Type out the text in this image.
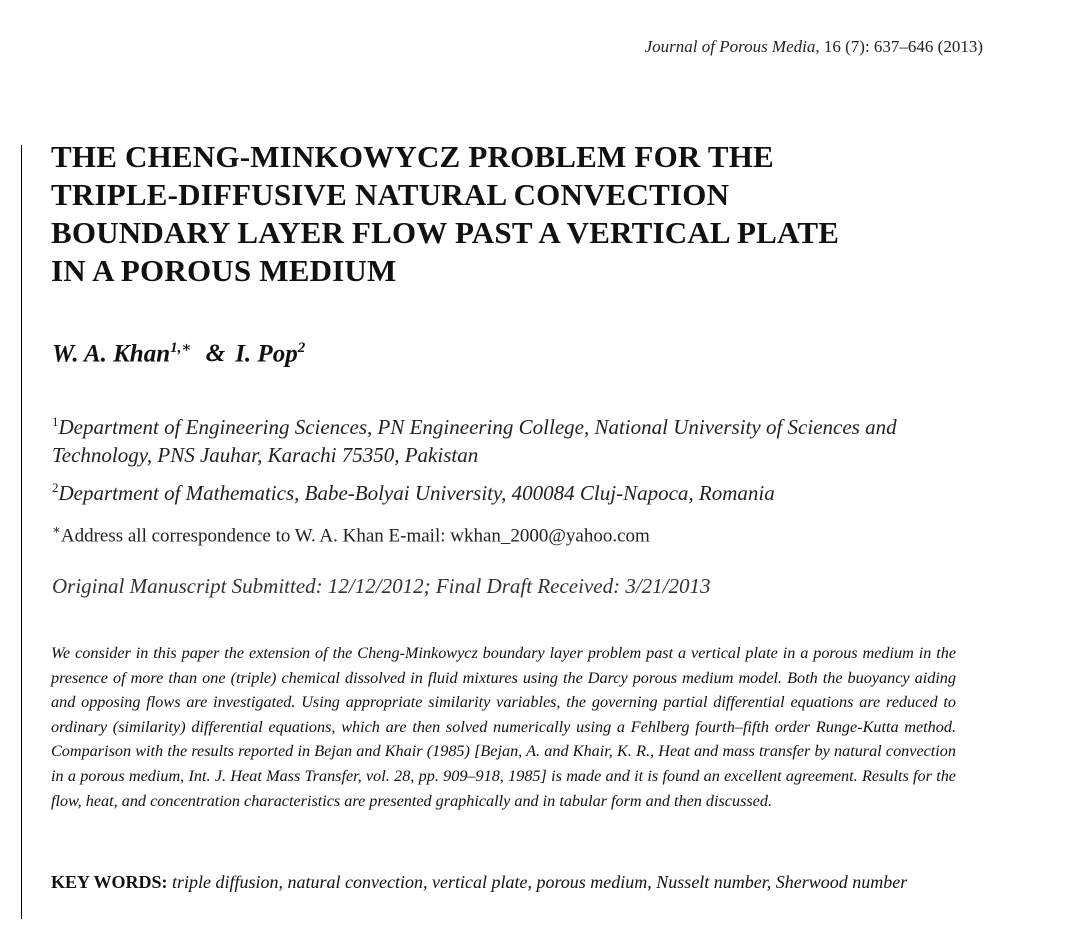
Journal of Porous Media, 16 (7): 637–646 (2013)
THE CHENG-MINKOWYCZ PROBLEM FOR THE
TRIPLE-DIFFUSIVE NATURAL CONVECTION
BOUNDARY LAYER FLOW PAST A VERTICAL PLATE
IN A POROUS MEDIUM
W. A. Khan$^{1,∗}$ & I. Pop$^2$
$^1$Department of Engineering Sciences, PN Engineering College, National University of Sciences and Technology, PNS Jauhar, Karachi 75350, Pakistan
$^2$Department of Mathematics, Babe-Bolyai University, 400084 Cluj-Napoca, Romania
∗Address all correspondence to W. A. Khan E-mail: wkhan_2000@yahoo.com
Original Manuscript Submitted: 12/12/2012; Final Draft Received: 3/21/2013

We consider in this paper the extension of the Cheng-Minkowycz boundary layer problem past a vertical plate in a porous medium in the presence of more than one (triple) chemical dissolved in fluid mixtures using the Darcy porous medium model. Both the buoyancy aiding and opposing flows are investigated. Using appropriate similarity variables, the governing partial differential equations are reduced to ordinary (similarity) differential equations, which are then solved numerically using a Fehlberg fourth–fifth order Runge-Kutta method. Comparison with the results reported in Bejan and Khair (1985) [Bejan, A. and Khair, K. R., Heat and mass transfer by natural convection in a porous medium, Int. J. Heat Mass Transfer, vol. 28, pp. 909–918, 1985] is made and it is found an excellent agreement. Results for the flow, heat, and concentration characteristics are presented graphically and in tabular form and then discussed.

KEY WORDS: triple diffusion, natural convection, vertical plate, porous medium, Nusselt number, Sherwood number
